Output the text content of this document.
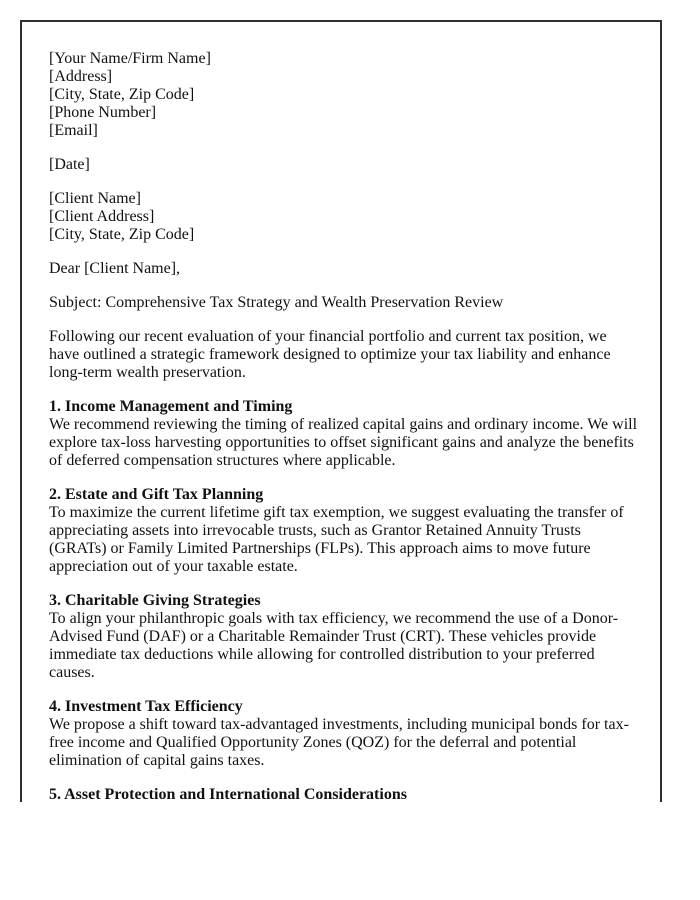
[Your Name/Firm Name]
[Address]
[City, State, Zip Code]
[Phone Number]
[Email]
[Date]
[Client Name]
[Client Address]
[City, State, Zip Code]
Dear [Client Name],
Subject: Comprehensive Tax Strategy and Wealth Preservation Review
Following our recent evaluation of your financial portfolio and current tax position, we have outlined a strategic framework designed to optimize your tax liability and enhance long-term wealth preservation.
1. Income Management and Timing
We recommend reviewing the timing of realized capital gains and ordinary income. We will explore tax-loss harvesting opportunities to offset significant gains and analyze the benefits of deferred compensation structures where applicable.
2. Estate and Gift Tax Planning
To maximize the current lifetime gift tax exemption, we suggest evaluating the transfer of appreciating assets into irrevocable trusts, such as Grantor Retained Annuity Trusts (GRATs) or Family Limited Partnerships (FLPs). This approach aims to move future appreciation out of your taxable estate.
3. Charitable Giving Strategies
To align your philanthropic goals with tax efficiency, we recommend the use of a Donor-Advised Fund (DAF) or a Charitable Remainder Trust (CRT). These vehicles provide immediate tax deductions while allowing for controlled distribution to your preferred causes.
4. Investment Tax Efficiency
We propose a shift toward tax-advantaged investments, including municipal bonds for tax-free income and Qualified Opportunity Zones (QOZ) for the deferral and potential elimination of capital gains taxes.
5. Asset Protection and International Considerations
